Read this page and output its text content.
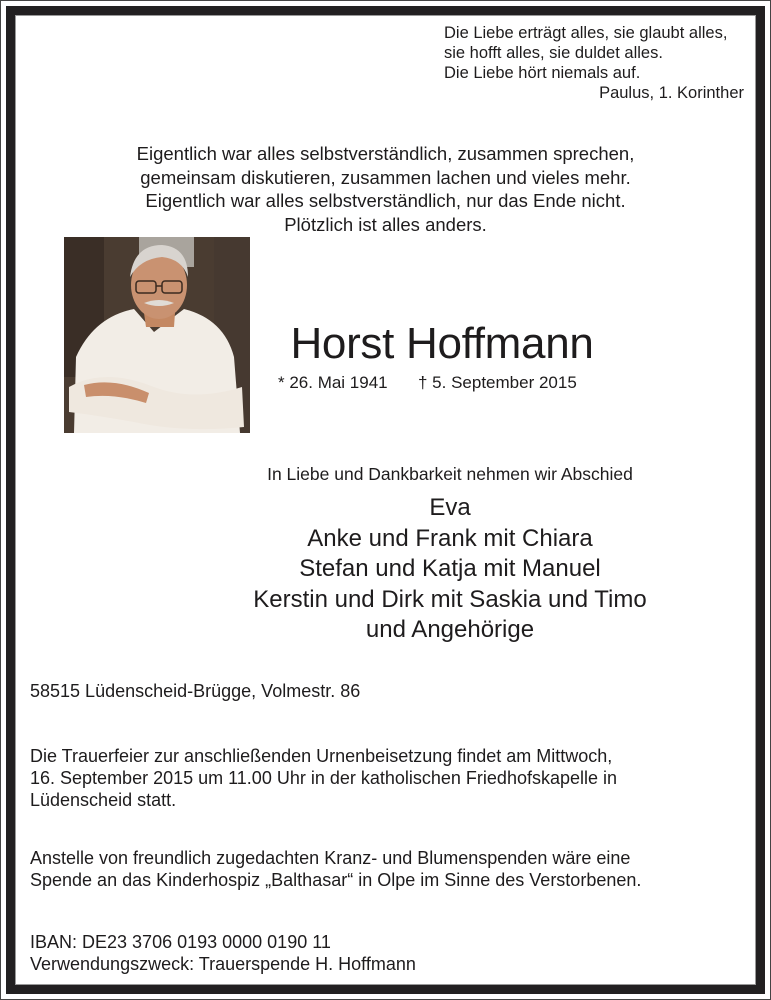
Die Liebe erträgt alles, sie glaubt alles,
sie hofft alles, sie duldet alles.
Die Liebe hört niemals auf.
Paulus, 1. Korinther
Eigentlich war alles selbstverständlich, zusammen sprechen,
gemeinsam diskutieren, zusammen lachen und vieles mehr.
Eigentlich war alles selbstverständlich, nur das Ende nicht.
Plötzlich ist alles anders.
Horst Hoffmann
* 26. Mai 1941 † 5. September 2015
In Liebe und Dankbarkeit nehmen wir Abschied
Eva
Anke und Frank mit Chiara
Stefan und Katja mit Manuel
Kerstin und Dirk mit Saskia und Timo
und Angehörige
58515 Lüdenscheid-Brügge, Volmestr. 86
Die Trauerfeier zur anschließenden Urnenbeisetzung findet am Mittwoch,
16. September 2015 um 11.00 Uhr in der katholischen Friedhofskapelle in
Lüdenscheid statt.
Anstelle von freundlich zugedachten Kranz- und Blumenspenden wäre eine
Spende an das Kinderhospiz „Balthasar“ in Olpe im Sinne des Verstorbenen.
IBAN: DE23 3706 0193 0000 0190 11
Verwendungszweck: Trauerspende H. Hoffmann
